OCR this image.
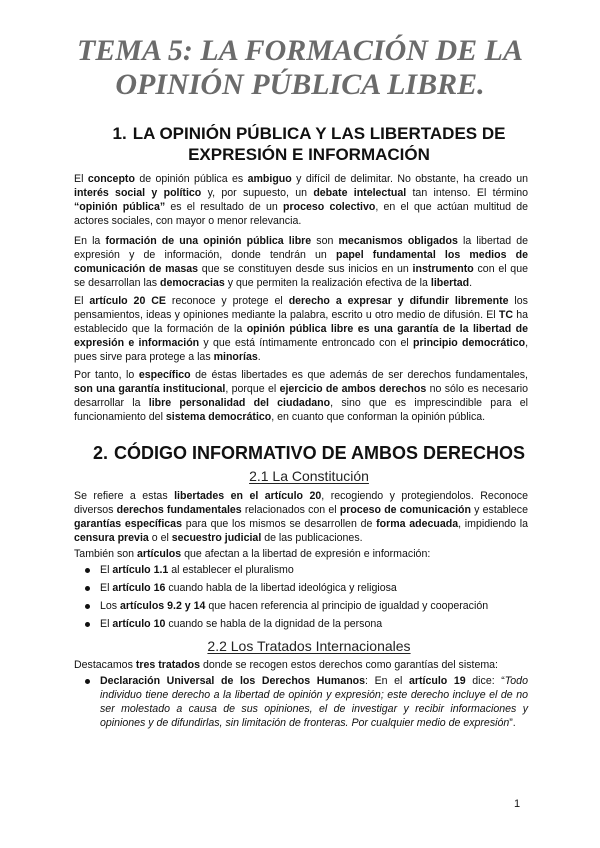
TEMA 5: LA FORMACIÓN DE LA
OPINIÓN PÚBLICA LIBRE.
1. LA OPINIÓN PÚBLICA Y LAS LIBERTADES DE
EXPRESIÓN E INFORMACIÓN
El concepto de opinión pública es ambiguo y difícil de delimitar. No obstante, ha creado un interés social y político y, por supuesto, un debate intelectual tan intenso. El término “opinión pública” es el resultado de un proceso colectivo, en el que actúan multitud de actores sociales, con mayor o menor relevancia.
En la formación de una opinión pública libre son mecanismos obligados la libertad de expresión y de información, donde tendrán un papel fundamental los medios de comunicación de masas que se constituyen desde sus inicios en un instrumento con el que se desarrollan las democracias y que permiten la realización efectiva de la libertad.
El artículo 20 CE reconoce y protege el derecho a expresar y difundir libremente los pensamientos, ideas y opiniones mediante la palabra, escrito u otro medio de difusión. El TC ha establecido que la formación de la opinión pública libre es una garantía de la libertad de expresión e información y que está íntimamente entroncado con el principio democrático, pues sirve para protege a las minorías.
Por tanto, lo específico de éstas libertades es que además de ser derechos fundamentales, son una garantía institucional, porque el ejercicio de ambos derechos no sólo es necesario desarrollar la libre personalidad del ciudadano, sino que es imprescindible para el funcionamiento del sistema democrático, en cuanto que conforman la opinión pública.
2. CÓDIGO INFORMATIVO DE AMBOS DERECHOS
2.1 La Constitución
Se refiere a estas libertades en el artículo 20, recogiendo y protegiendolos. Reconoce diversos derechos fundamentales relacionados con el proceso de comunicación y establece garantías específicas para que los mismos se desarrollen de forma adecuada, impidiendo la censura previa o el secuestro judicial de las publicaciones.
También son artículos que afectan a la libertad de expresión e información:
El artículo 1.1 al establecer el pluralismo
El artículo 16 cuando habla de la libertad ideológica y religiosa
Los artículos 9.2 y 14 que hacen referencia al principio de igualdad y cooperación
El artículo 10 cuando se habla de la dignidad de la persona
2.2 Los Tratados Internacionales
Destacamos tres tratados donde se recogen estos derechos como garantías del sistema:
Declaración Universal de los Derechos Humanos: En el artículo 19 dice: “Todo individuo tiene derecho a la libertad de opinión y expresión; este derecho incluye el de no ser molestado a causa de sus opiniones, el de investigar y recibir informaciones y opiniones y de difundirlas, sin limitación de fronteras. Por cualquier medio de expresión”.
1
